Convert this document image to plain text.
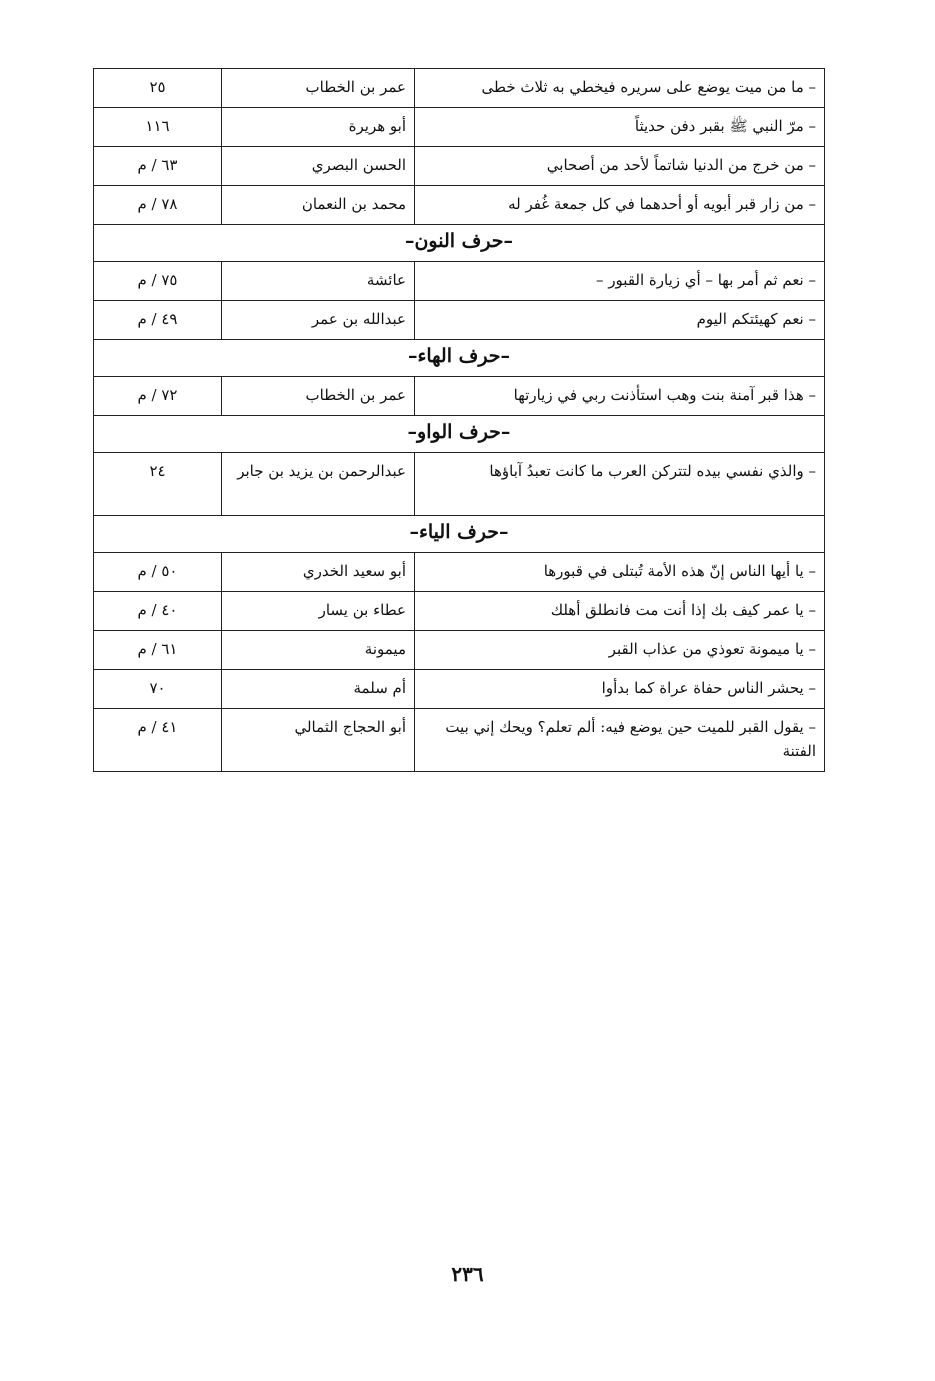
– ما من ميت يوضع على سريره فيخطي به ثلاث خطى	عمر بن الخطاب	٢٥
– مرّ النبي ﷺ بقبر دفن حديثاً	أبو هريرة	١١٦
– من خرج من الدنيا شاتماً لأحد من أصحابي	الحسن البصري	٦٣ / م
– من زار قبر أبويه أو أحدهما في كل جمعة غُفر له	محمد بن النعمان	٧٨ / م
–حرف النون–		
– نعم ثم أمر بها – أي زيارة القبور –	عائشة	٧٥ / م
– نعم كهيئتكم اليوم	عبدالله بن عمر	٤٩ / م
–حرف الهاء–		
– هذا قبر آمنة بنت وهب استأذنت ربي في زيارتها	عمر بن الخطاب	٧٢ / م
–حرف الواو–		
– والذي نفسي بيده لتتركن العرب ما كانت تعبدُ آباؤها	عبدالرحمن بن يزيد بن جابر	٢٤
–حرف الياء–		
– يا أيها الناس إنّ هذه الأمة تُبتلى في قبورها	أبو سعيد الخدري	٥٠ / م
– يا عمر كيف بك إذا أنت مت فانطلق أهلك	عطاء بن يسار	٤٠ / م
– يا ميمونة تعوذي من عذاب القبر	ميمونة	٦١ / م
– يحشر الناس حفاة عراة كما بدأوا	أم سلمة	٧٠
– يقول القبر للميت حين يوضع فيه: ألم تعلم؟ ويحك إني بيت الفتنة	أبو الحجاج الثمالي	٤١ / م
٢٣٦
